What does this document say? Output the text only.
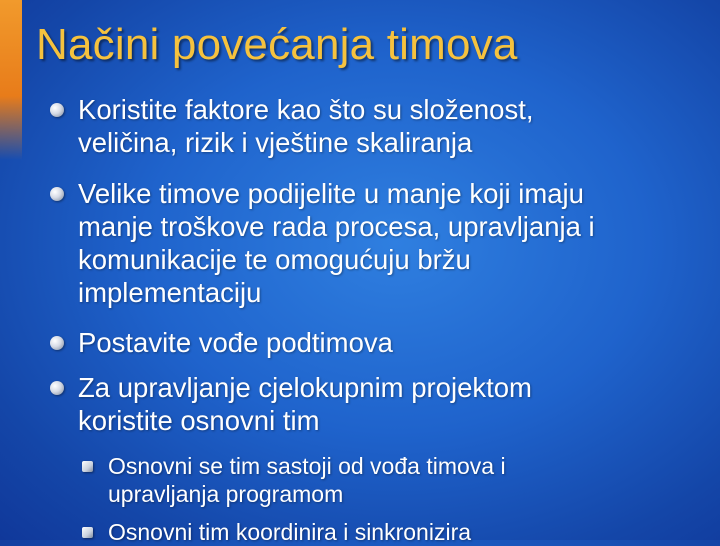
Načini povećanja timova
Koristite faktore kao što su složenost,
veličina, rizik i vještine skaliranja
Velike timove podijelite u manje koji imaju
manje troškove rada procesa, upravljanja i
komunikacije te omogućuju bržu
implementaciju
Postavite vođe podtimova
Za upravljanje cjelokupnim projektom
koristite osnovni tim
Osnovni se tim sastoji od vođa timova i
upravljanja programom
Osnovni tim koordinira i sinkronizira
